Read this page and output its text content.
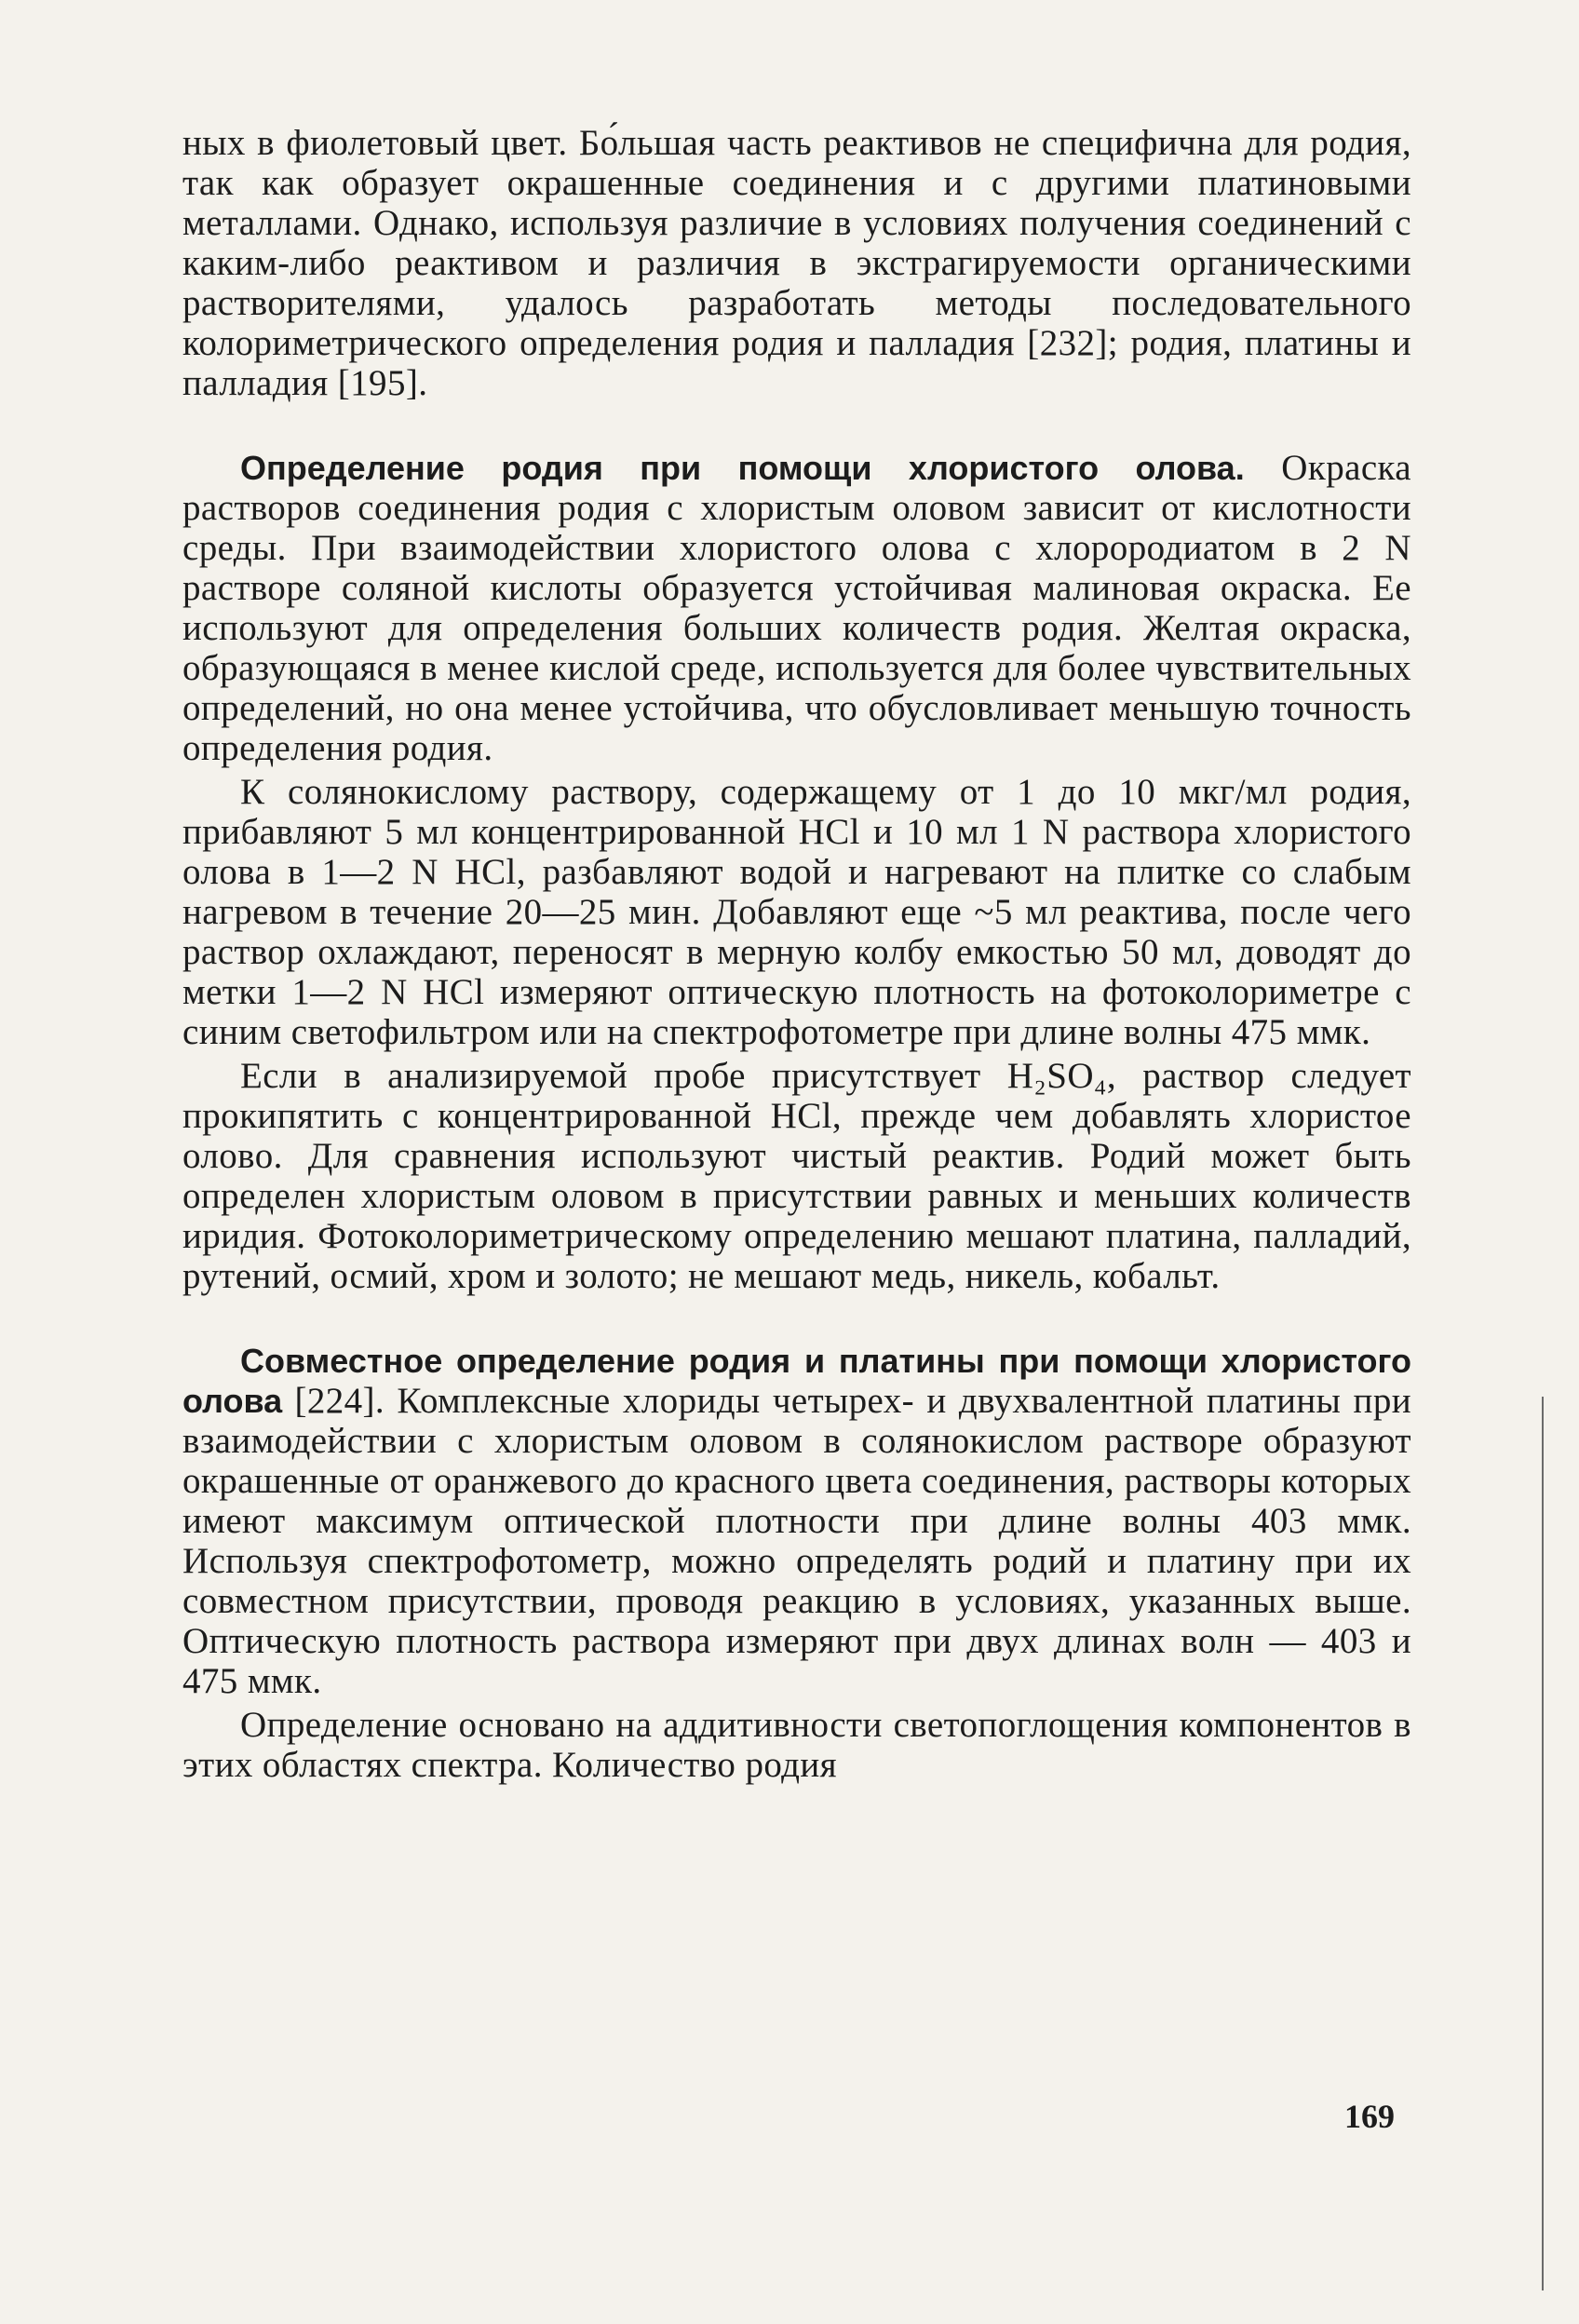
ных в фиолетовый цвет. Бо́льшая часть реактивов не специфична для родия, так как образует окрашенные соединения и с другими платиновыми металлами. Однако, используя различие в условиях получения соединений с каким-либо реактивом и различия в экстрагируемости органическими растворителями, удалось разработать методы последовательного колориметрического определения родия и палладия [232]; родия, платины и палладия [195].

Определение родия при помощи хлористого олова. Окраска растворов соединения родия с хлористым оловом зависит от кислотности среды. При взаимодействии хлористого олова с хлорородиатом в 2 N растворе соляной кислоты образуется устойчивая малиновая окраска. Ее используют для определения больших количеств родия. Желтая окраска, образующаяся в менее кислой среде, используется для более чувствительных определений, но она менее устойчива, что обусловливает меньшую точность определения родия.

К солянокислому раствору, содержащему от 1 до 10 мкг/мл родия, прибавляют 5 мл концентрированной HCl и 10 мл 1 N раствора хлористого олова в 1—2 N HCl, разбавляют водой и нагревают на плитке со слабым нагревом в течение 20—25 мин. Добавляют еще ~5 мл реактива, после чего раствор охлаждают, переносят в мерную колбу емкостью 50 мл, доводят до метки 1—2 N HCl измеряют оптическую плотность на фотоколориметре с синим светофильтром или на спектрофотометре при длине волны 475 ммк.

Если в анализируемой пробе присутствует H₂SO₄, раствор следует прокипятить с концентрированной HCl, прежде чем добавлять хлористое олово. Для сравнения используют чистый реактив. Родий может быть определен хлористым оловом в присутствии равных и меньших количеств иридия. Фотоколориметрическому определению мешают платина, палладий, рутений, осмий, хром и золото; не мешают медь, никель, кобальт.

Совместное определение родия и платины при помощи хлористого олова [224]. Комплексные хлориды четырех- и двухвалентной платины при взаимодействии с хлористым оловом в солянокислом растворе образуют окрашенные от оранжевого до красного цвета соединения, растворы которых имеют максимум оптической плотности при длине волны 403 ммк. Используя спектрофотометр, можно определять родий и платину при их совместном присутствии, проводя реакцию в условиях, указанных выше. Оптическую плотность раствора измеряют при двух длинах волн — 403 и 475 ммк.

Определение основано на аддитивности светопоглощения компонентов в этих областях спектра. Количество родия

169
